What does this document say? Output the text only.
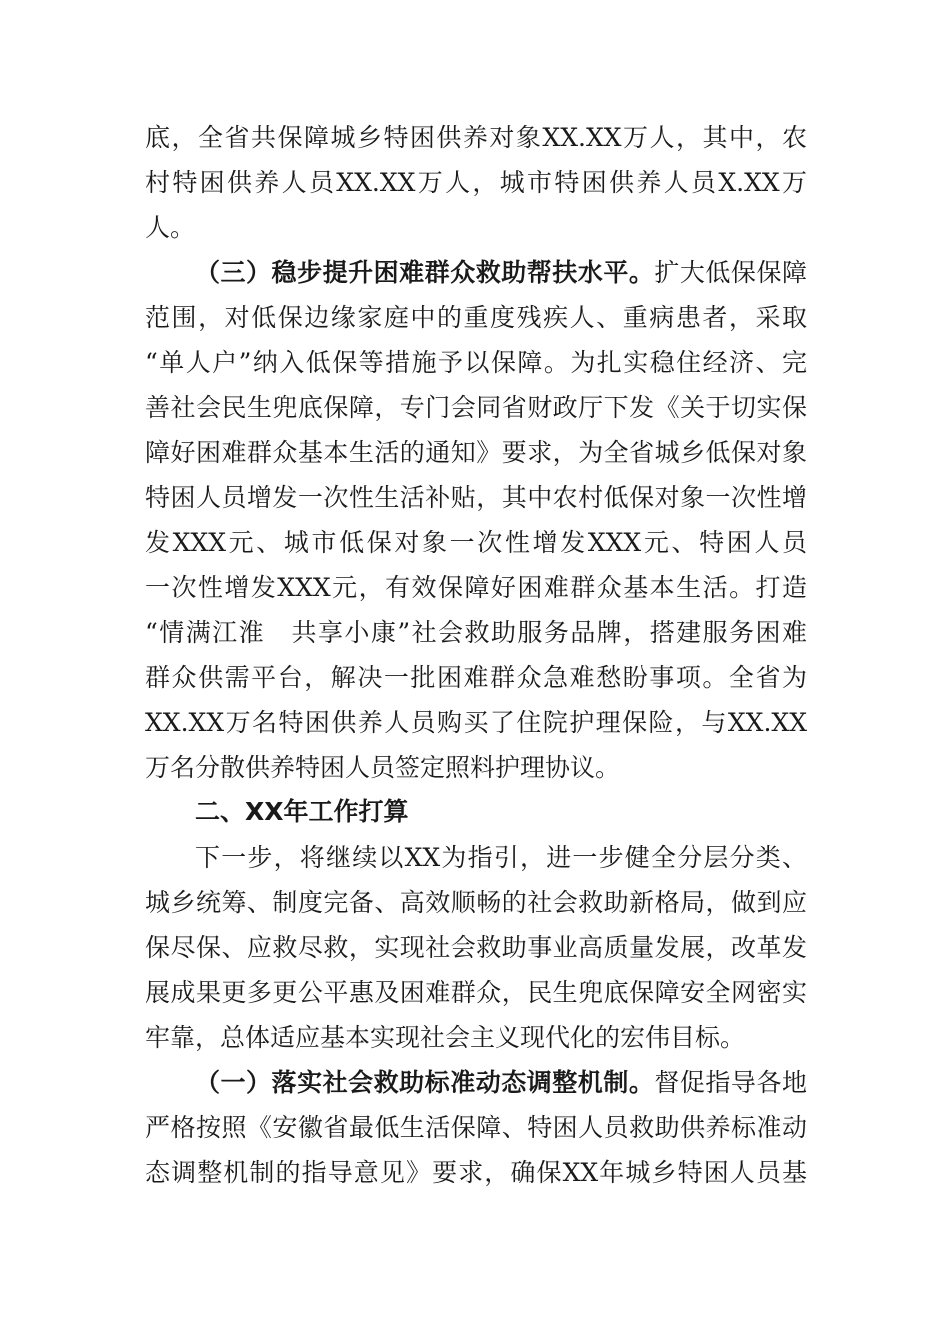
底，全省共保障城乡特困供养对象XX.XX万人，其中，农
村特困供养人员XX.XX万人，城市特困供养人员X.XX万
人。
（三）稳步提升困难群众救助帮扶水平。扩大低保保障
范围，对低保边缘家庭中的重度残疾人、重病患者，采取
“单人户”纳入低保等措施予以保障。为扎实稳住经济、完
善社会民生兜底保障，专门会同省财政厅下发《关于切实保
障好困难群众基本生活的通知》要求，为全省城乡低保对象
特困人员增发一次性生活补贴，其中农村低保对象一次性增
发XXX元、城市低保对象一次性增发XXX元、特困人员
一次性增发XXX元，有效保障好困难群众基本生活。打造
“情满江淮　共享小康”社会救助服务品牌，搭建服务困难
群众供需平台，解决一批困难群众急难愁盼事项。全省为
XX.XX万名特困供养人员购买了住院护理保险，与XX.XX
万名分散供养特困人员签定照料护理协议。
二、XX年工作打算
下一步，将继续以XX为指引，进一步健全分层分类、
城乡统筹、制度完备、高效顺畅的社会救助新格局，做到应
保尽保、应救尽救，实现社会救助事业高质量发展，改革发
展成果更多更公平惠及困难群众，民生兜底保障安全网密实
牢靠，总体适应基本实现社会主义现代化的宏伟目标。
（一）落实社会救助标准动态调整机制。督促指导各地
严格按照《安徽省最低生活保障、特困人员救助供养标准动
态调整机制的指导意见》要求，确保XX年城乡特困人员基
